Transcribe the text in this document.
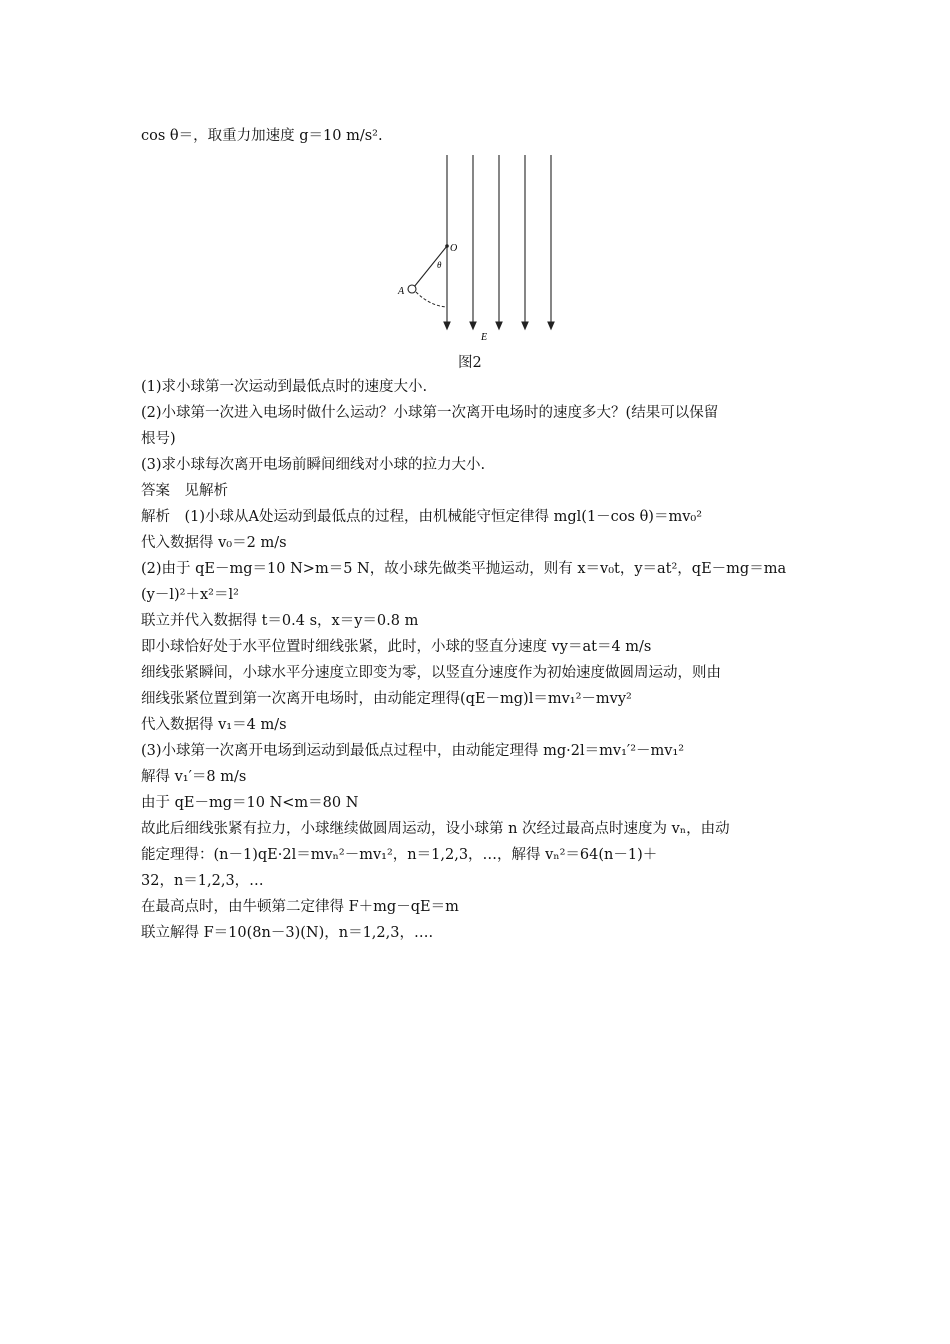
cos θ＝，取重力加速度 g＝10 m/s².
O
θ
A
E
图2
(1)求小球第一次运动到最低点时的速度大小.
(2)小球第一次进入电场时做什么运动？小球第一次离开电场时的速度多大？(结果可以保留
根号)
(3)求小球每次离开电场前瞬间细线对小球的拉力大小.
答案　见解析
解析　(1)小球从A处运动到最低点的过程，由机械能守恒定律得 mgl(1－cos θ)＝mv₀²
代入数据得 v₀＝2 m/s
(2)由于 qE－mg＝10 N>m＝5 N，故小球先做类平抛运动，则有 x＝v₀t，y＝at²，qE－mg＝ma
(y－l)²＋x²＝l²
联立并代入数据得 t＝0.4 s，x＝y＝0.8 m
即小球恰好处于水平位置时细线张紧，此时，小球的竖直分速度 vy＝at＝4 m/s
细线张紧瞬间，小球水平分速度立即变为零，以竖直分速度作为初始速度做圆周运动，则由
细线张紧位置到第一次离开电场时，由动能定理得(qE－mg)l＝mv₁²－mvy²
代入数据得 v₁＝4 m/s
(3)小球第一次离开电场到运动到最低点过程中，由动能定理得 mg·2l＝mv₁′²－mv₁²
解得 v₁′＝8 m/s
由于 qE－mg＝10 N<m＝80 N
故此后细线张紧有拉力，小球继续做圆周运动，设小球第 n 次经过最高点时速度为 vₙ，由动
能定理得：(n－1)qE·2l＝mvₙ²－mv₁²，n＝1,2,3，…，解得 vₙ²＝64(n－1)＋
32，n＝1,2,3，…
在最高点时，由牛顿第二定律得 F＋mg－qE＝m
联立解得 F＝10(8n－3)(N)，n＝1,2,3，….
